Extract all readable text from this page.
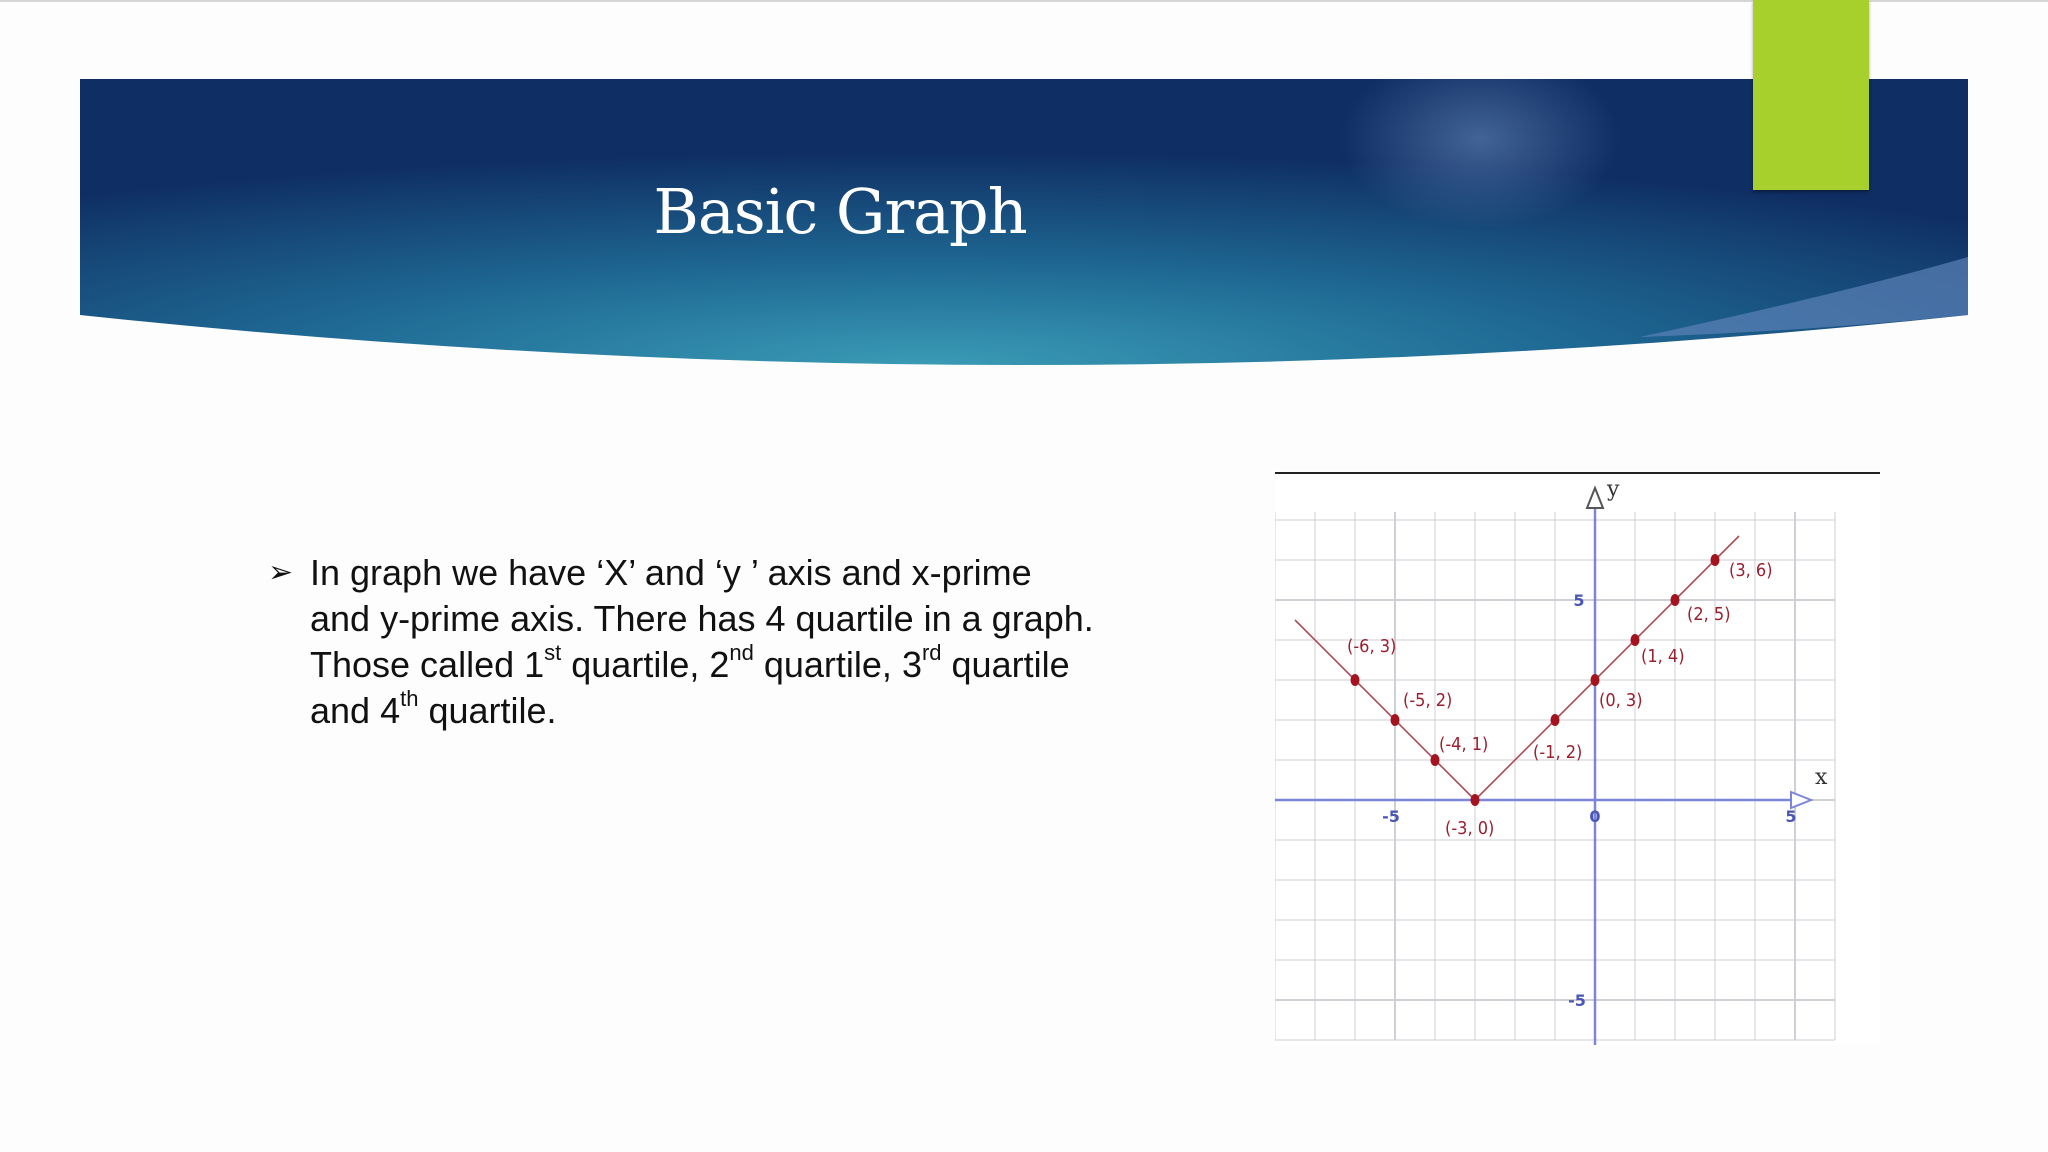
Basic Graph
➢ In graph we have ‘X’ and ‘y ’ axis and x-prime
and y-prime axis. There has 4 quartile in a graph.
Those called 1st quartile, 2nd quartile, 3rd quartile
and 4th quartile.
x
y
-5	0	5
5
-5
(-6, 3)
(-5, 2)
(-4, 1)
(-3, 0)
(-1, 2)
(0, 3)
(1, 4)
(2, 5)
(3, 6)
